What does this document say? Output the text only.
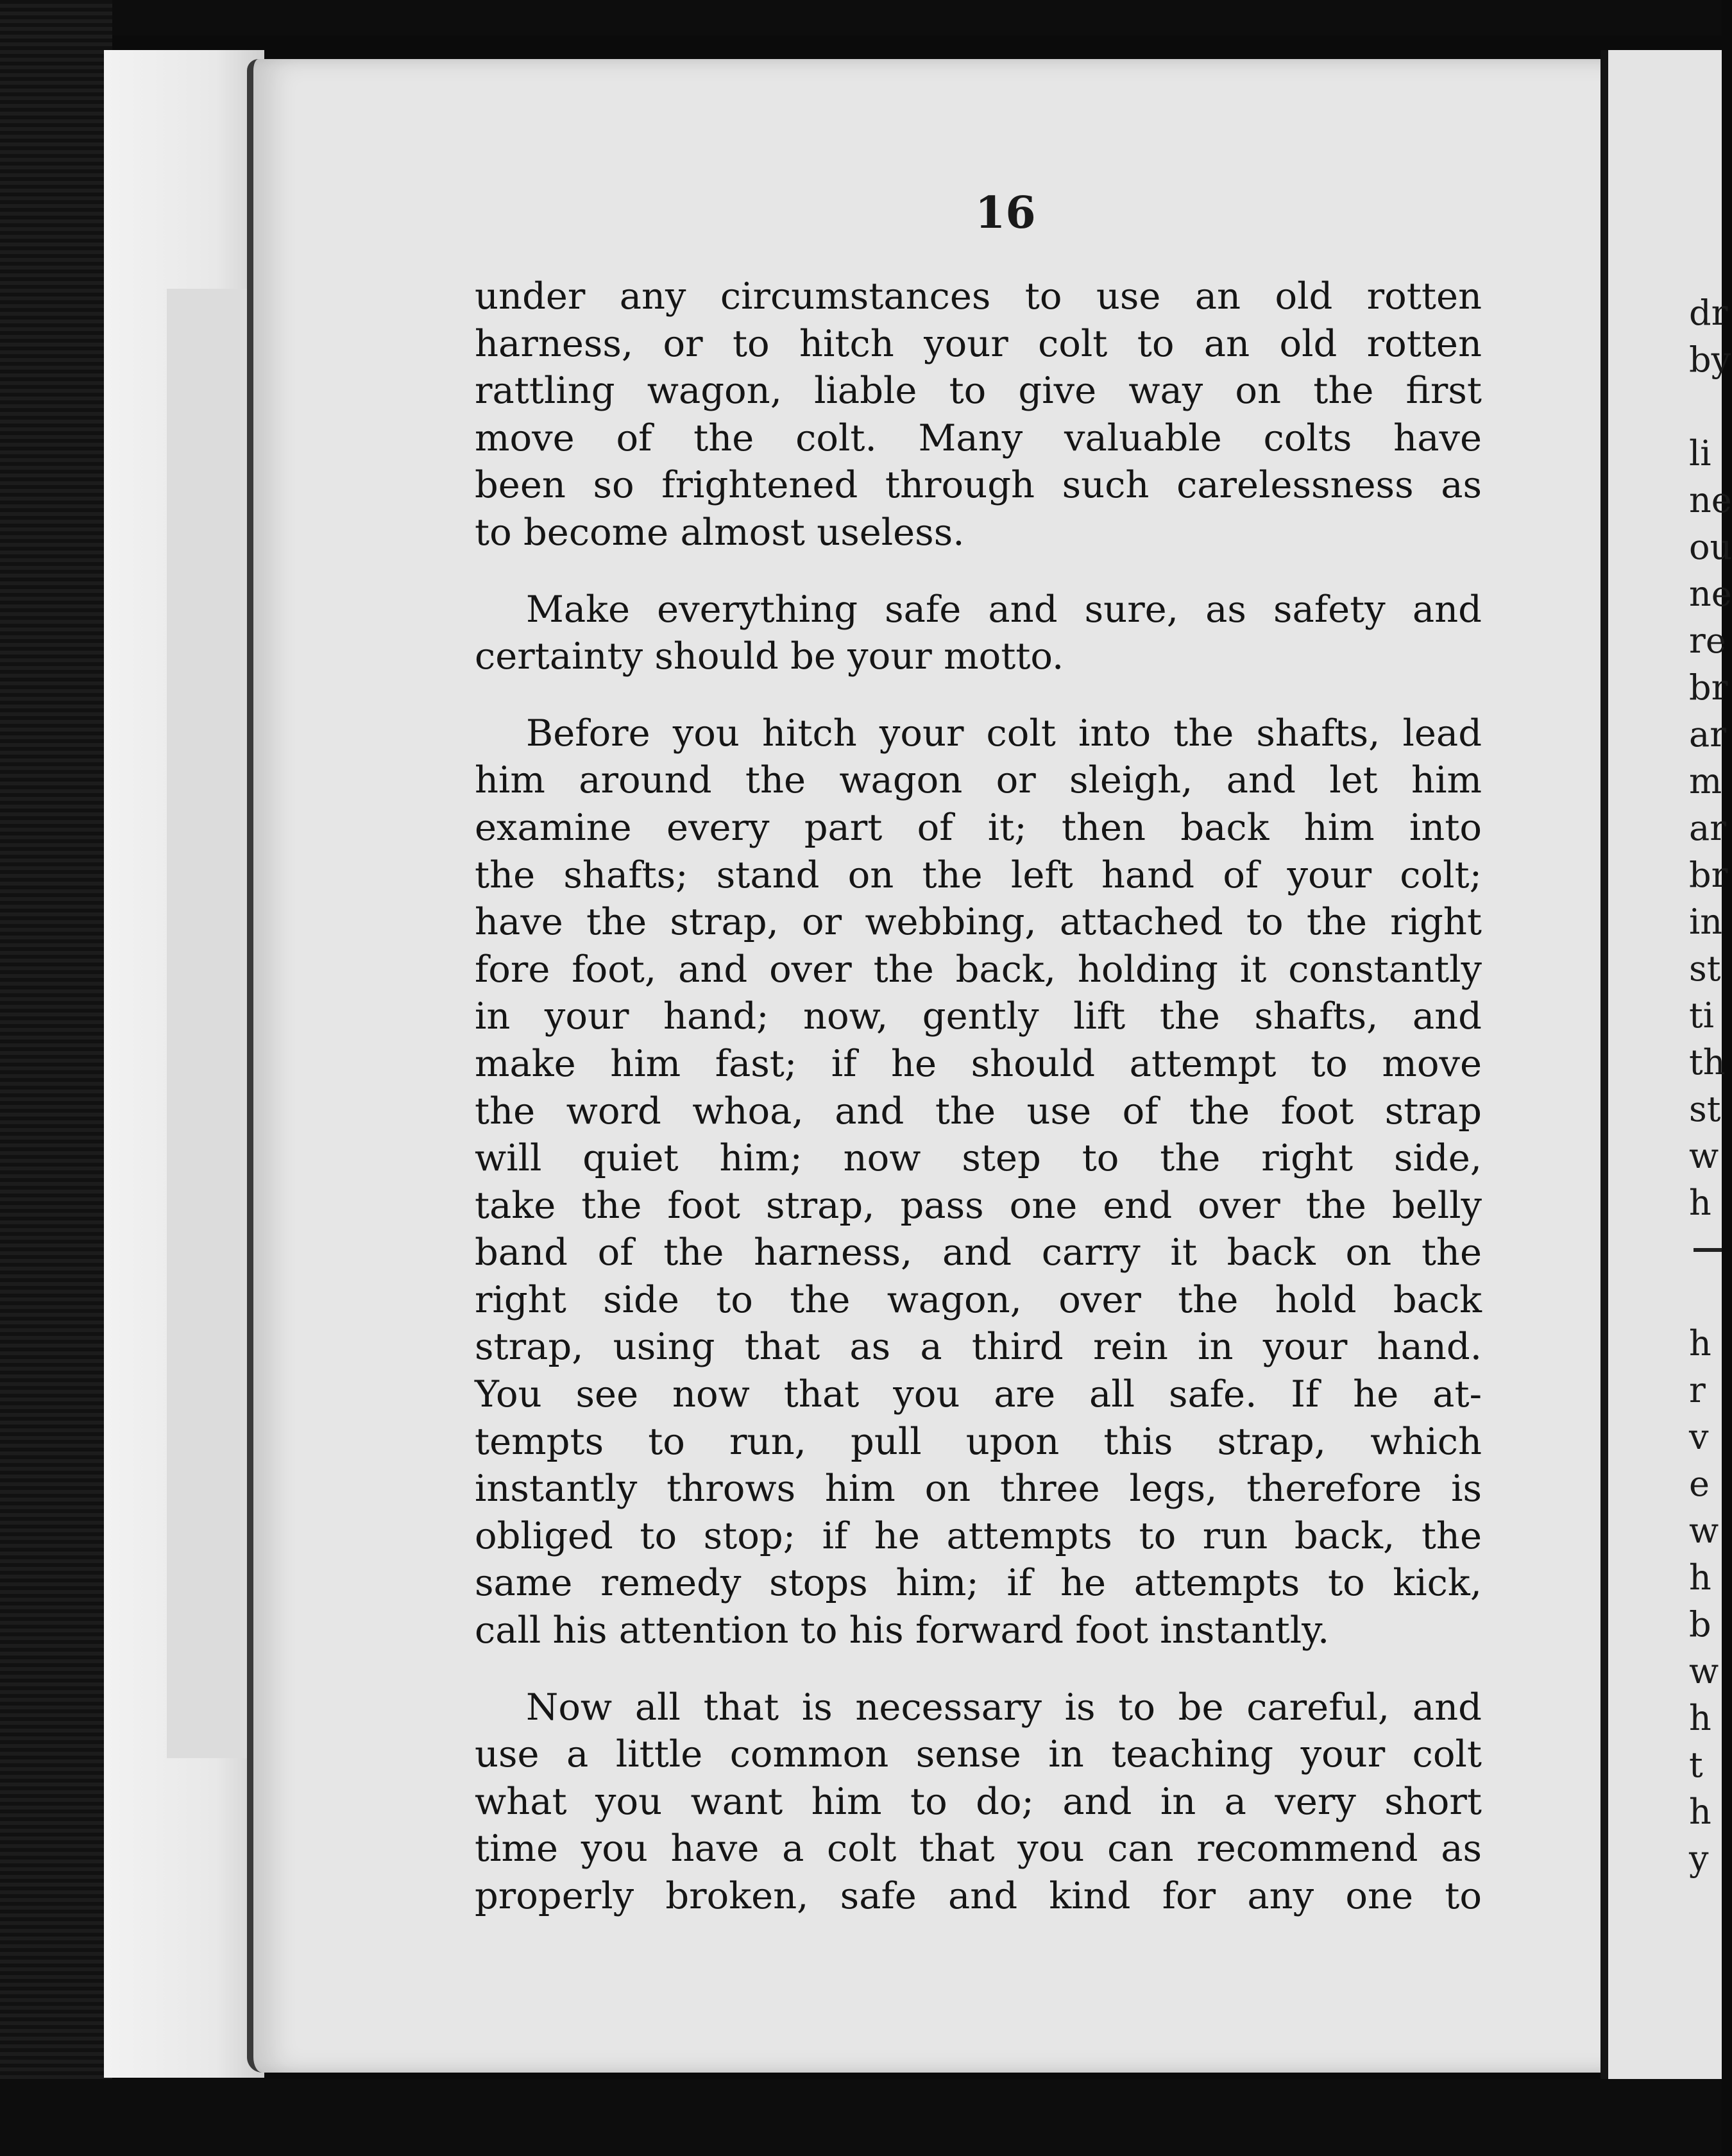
dr
by
li
ne
ou
ne
re
br
ar
m
ar
br
in
st
ti
th
st
w
h
h
r
v
e
w
h
b
w
h
t
h
y
16
under any circumstances to use an old rotten
harness, or to hitch your colt to an old rotten
rattling wagon, liable to give way on the first
move of the colt. Many valuable colts have
been so frightened through such carelessness as
to become almost useless.
Make everything safe and sure, as safety and
certainty should be your motto.
Before you hitch your colt into the shafts, lead
him around the wagon or sleigh, and let him
examine every part of it; then back him into
the shafts; stand on the left hand of your colt;
have the strap, or webbing, attached to the right
fore foot, and over the back, holding it constantly
in your hand; now, gently lift the shafts, and
make him fast; if he should attempt to move
the word whoa, and the use of the foot strap
will quiet him; now step to the right side,
take the foot strap, pass one end over the belly
band of the harness, and carry it back on the
right side to the wagon, over the hold back
strap, using that as a third rein in your hand.
You see now that you are all safe. If he at-
tempts to run, pull upon this strap, which
instantly throws him on three legs, therefore is
obliged to stop; if he attempts to run back, the
same remedy stops him; if he attempts to kick,
call his attention to his forward foot instantly.
Now all that is necessary is to be careful, and
use a little common sense in teaching your colt
what you want him to do; and in a very short
time you have a colt that you can recommend as
properly broken, safe and kind for any one to
